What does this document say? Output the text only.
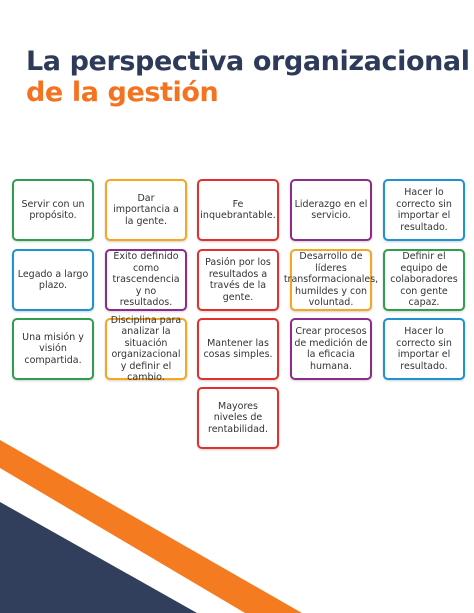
La perspectiva organizacional
de la gestión
Servir con un propósito.
Dar importancia a la gente.
Fe inquebrantable.
Liderazgo en el servicio.
Hacer lo correcto sin importar el resultado.
Legado a largo plazo.
Éxito definido como trascendencia y no resultados.
Pasión por los resultados a través de la gente.
Desarrollo de líderes transformacionales, humildes y con voluntad.
Definir el equipo de colaboradores con gente capaz.
Una misión y visión compartida.
Disciplina para analizar la situación organizacional y definir el cambio.
Mantener las cosas simples.
Crear procesos de medición de la eficacia humana.
Hacer lo correcto sin importar el resultado.
Mayores niveles de rentabilidad.
